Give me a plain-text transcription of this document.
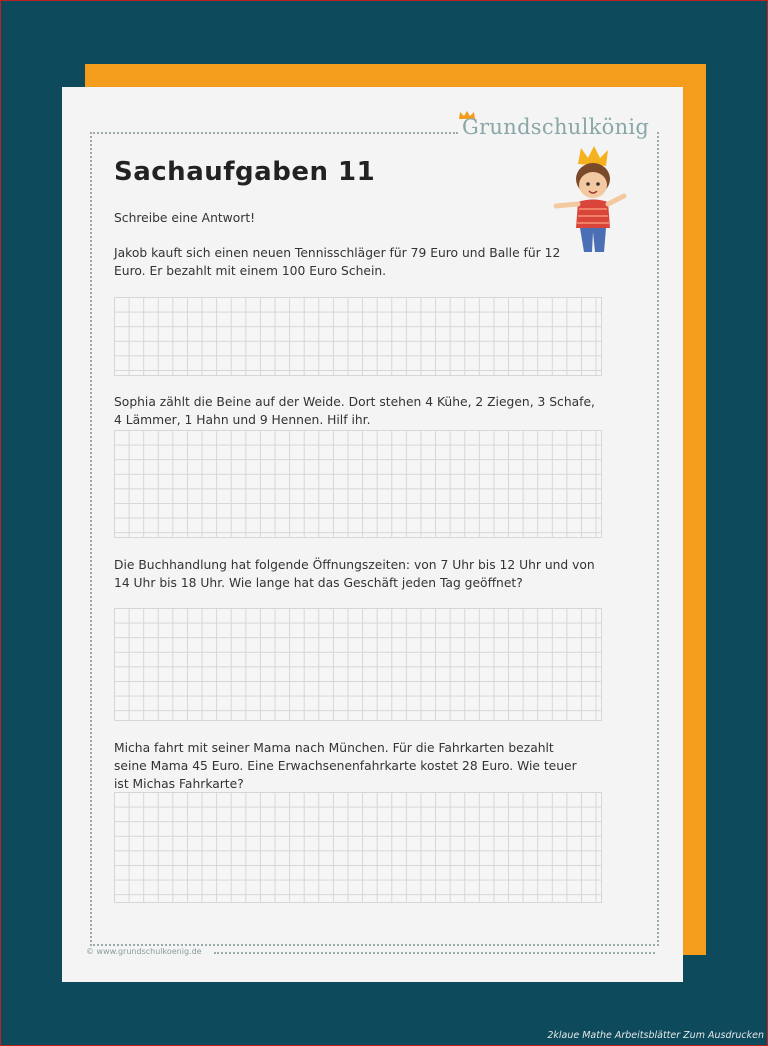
Grundschulkönig
Sachaufgaben 11
Schreibe eine Antwort!
Jakob kauft sich einen neuen Tennisschläger für 79 Euro und Balle für 12 Euro. Er bezahlt mit einem 100 Euro Schein.
Sophia zählt die Beine auf der Weide. Dort stehen 4 Kühe, 2 Ziegen, 3 Schafe, 4 Lämmer, 1 Hahn und 9 Hennen. Hilf ihr.
Die Buchhandlung hat folgende Öffnungszeiten: von 7 Uhr bis 12 Uhr und von 14 Uhr bis 18 Uhr. Wie lange hat das Geschäft jeden Tag geöffnet?
Micha fahrt mit seiner Mama nach München. Für die Fahrkarten bezahlt seine Mama 45 Euro. Eine Erwachsenenfahrkarte kostet 28 Euro. Wie teuer ist Michas Fahrkarte?
© www.grundschulkoenig.de
2klaue Mathe Arbeitsblätter Zum Ausdrucken
